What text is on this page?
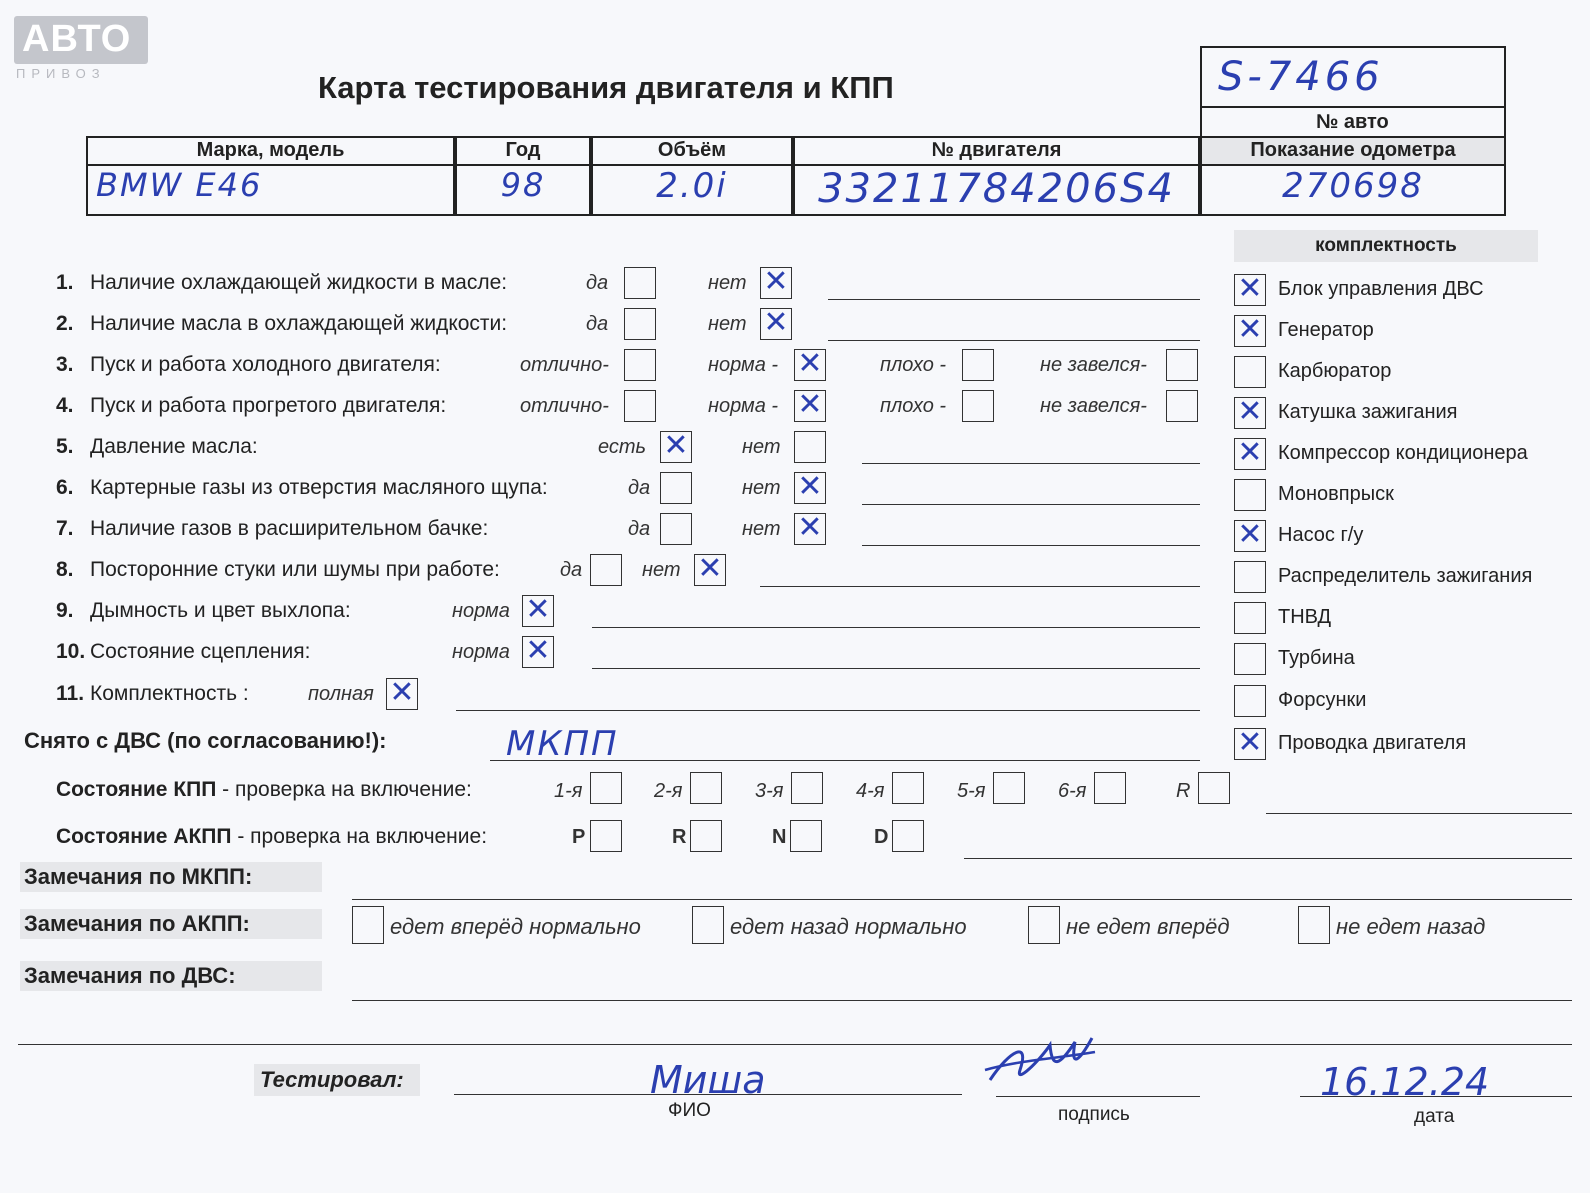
АВТО
ПРИВОЗ	Карта тестирования двигателя и КПП	S-7466
№ авто
Марка, модель
BMW E46
Год
98
Объём
2.0i
№ двигателя
33211784206S4
Показание одометра
270698
1. Наличие охлаждающей жидкости в масле:	да	нет ✕
2. Наличие масла в охлаждающей жидкости:	да	нет ✕
3. Пуск и работа холодного двигателя:	отлично-	норма - ✕	плохо -	не завелся-
4. Пуск и работа прогретого двигателя:	отлично-	норма - ✕	плохо -	не завелся-
5. Давление масла:	есть ✕	нет
6. Картерные газы из отверстия масляного щупа:	да	нет ✕
7. Наличие газов в расширительном бачке:	да	нет ✕
8. Посторонние стуки или шумы при работе:	да	нет ✕
9. Дымность и цвет выхлопа:	норма ✕
10. Состояние сцепления:	норма ✕
11. Комплектность :	полная ✕
Снято с ДВС (по согласованию!):	МКПП
Состояние КПП - проверка на включение:	1-я	2-я	3-я	4-я	5-я	6-я	R
Состояние АКПП - проверка на включение:	P	R	N	D
Замечания по МКПП:
Замечания по АКПП:	едет вперёд нормально	едет назад нормально	не едет вперёд	не едет назад
Замечания по ДВС:
комплектность
✕ Блок управления ДВС
✕ Генератор
Карбюратор
✕ Катушка зажигания
✕ Компрессор кондиционера
Моновпрыск
✕ Насос г/у
Распределитель зажигания
ТНВД
Турбина
Форсунки
✕ Проводка двигателя
Тестировал:	Миша
ФИО	подпись
16.12.24
дата
